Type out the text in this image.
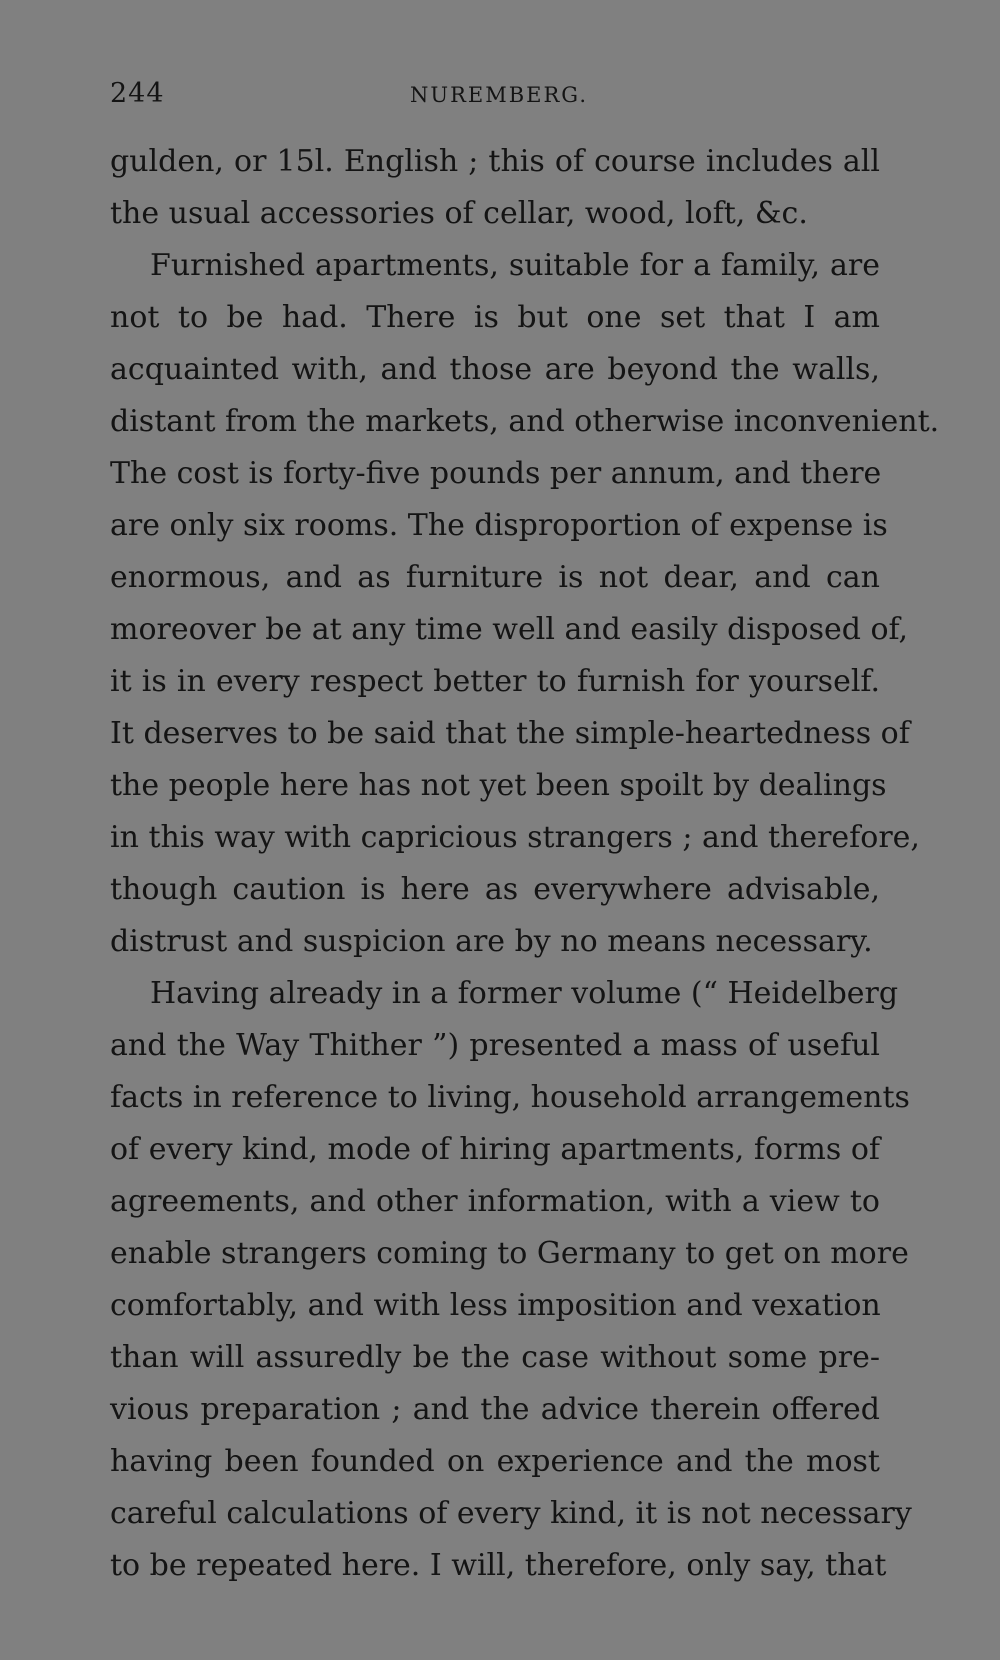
244	NUREMBERG.
gulden, or 15l. English ; this of course includes all
the usual accessories of cellar, wood, loft, &c.
Furnished apartments, suitable for a family, are
not to be had. There is but one set that I am
acquainted with, and those are beyond the walls,
distant from the markets, and otherwise inconvenient.
The cost is forty-five pounds per annum, and there
are only six rooms. The disproportion of expense is
enormous, and as furniture is not dear, and can
moreover be at any time well and easily disposed of,
it is in every respect better to furnish for yourself.
It deserves to be said that the simple-heartedness of
the people here has not yet been spoilt by dealings
in this way with capricious strangers ; and therefore,
though caution is here as everywhere advisable,
distrust and suspicion are by no means necessary.
Having already in a former volume (“ Heidelberg
and the Way Thither ”) presented a mass of useful
facts in reference to living, household arrangements
of every kind, mode of hiring apartments, forms of
agreements, and other information, with a view to
enable strangers coming to Germany to get on more
comfortably, and with less imposition and vexation
than will assuredly be the case without some pre-
vious preparation ; and the advice therein offered
having been founded on experience and the most
careful calculations of every kind, it is not necessary
to be repeated here. I will, therefore, only say, that
